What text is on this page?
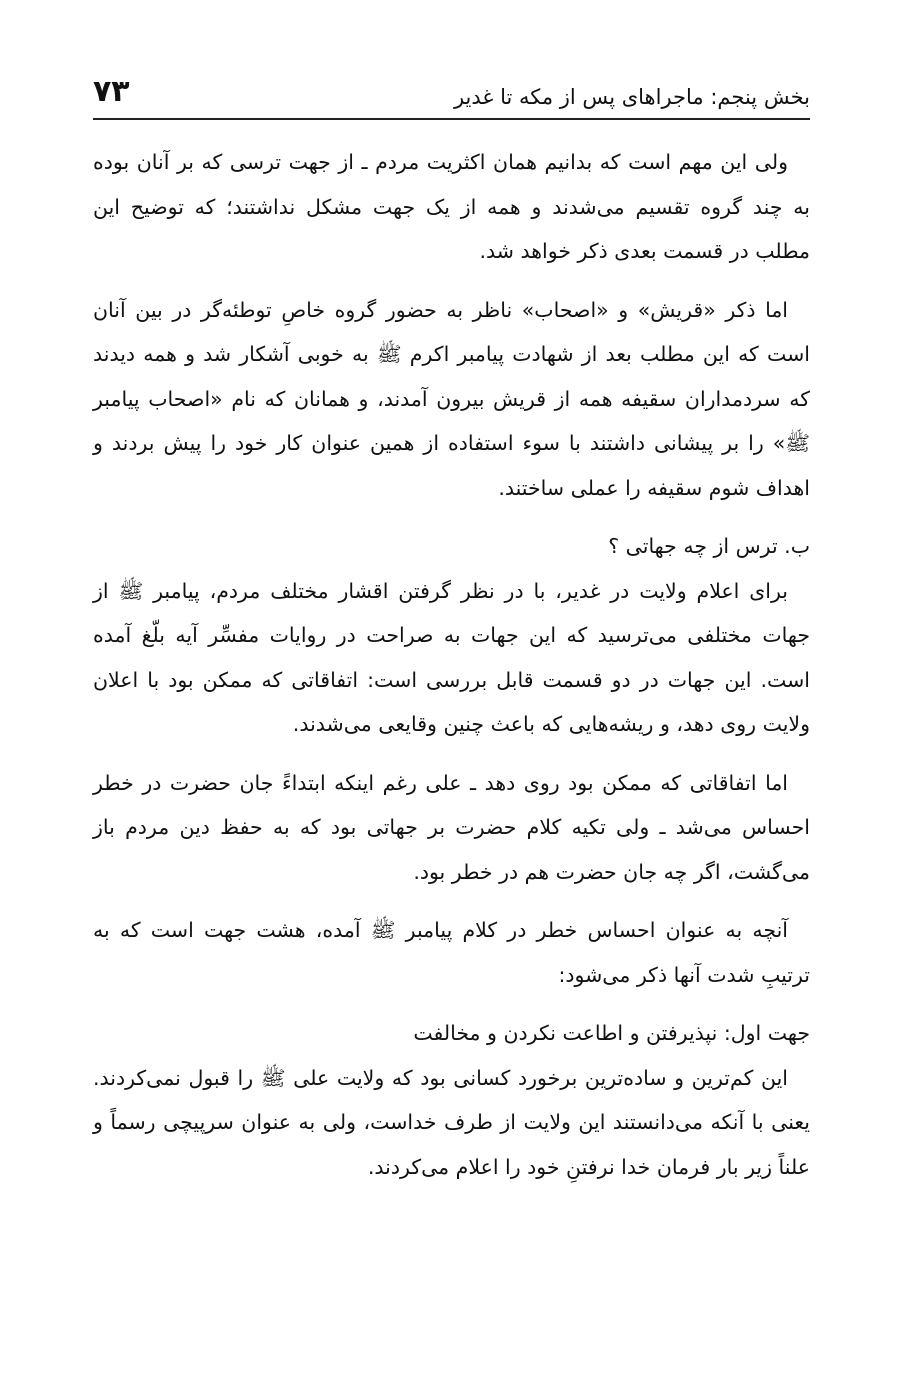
بخش پنجم: ماجراهای پس از مکه تا غدیر
۷۳

ولی این مهم است که بدانیم همان اکثریت مردم ـ از جهت ترسی که بر آنان بوده به چند گروه تقسیم می‌شدند و همه از یک جهت مشکل نداشتند؛ که توضیح این مطلب در قسمت بعدی ذکر خواهد شد.

اما ذکر «قریش» و «اصحاب» ناظر به حضور گروه خاصِ توطئه‌گر در بین آنان است که این مطلب بعد از شهادت پیامبر اکرم ﷺ به خوبی آشکار شد و همه دیدند که سردمداران سقیفه همه از قریش بیرون آمدند، و همانان که نام «اصحاب پیامبر ﷺ» را بر پیشانی داشتند با سوء استفاده از همین عنوان کار خود را پیش بردند و اهداف شوم سقیفه را عملی ساختند.

ب. ترس از چه جهاتی ؟

برای اعلام ولایت در غدیر، با در نظر گرفتن اقشار مختلف مردم، پیامبر ﷺ از جهات مختلفی می‌ترسید که این جهات به صراحت در روایات مفسِّر آیه بلّغ آمده است. این جهات در دو قسمت قابل بررسی است: اتفاقاتی که ممکن بود با اعلان ولایت روی دهد، و ریشه‌هایی که باعث چنین وقایعی می‌شدند.

اما اتفاقاتی که ممکن بود روی دهد ـ علی رغم اینکه ابتداءً جان حضرت در خطر احساس می‌شد ـ ولی تکیه کلام حضرت بر جهاتی بود که به حفظ دین مردم باز می‌گشت، اگر چه جان حضرت هم در خطر بود.

آنچه به عنوان احساس خطر در کلام پیامبر ﷺ آمده، هشت جهت است که به ترتیبِ شدت آنها ذکر می‌شود:

جهت اول: نپذیرفتن و اطاعت نکردن و مخالفت

این کم‌ترین و ساده‌ترین برخورد کسانی بود که ولایت علی ﷺ را قبول نمی‌کردند. یعنی با آنکه می‌دانستند این ولایت از طرف خداست، ولی به عنوان سرپیچی رسماً و علناً زیر بار فرمان خدا نرفتنِ خود را اعلام می‌کردند.
